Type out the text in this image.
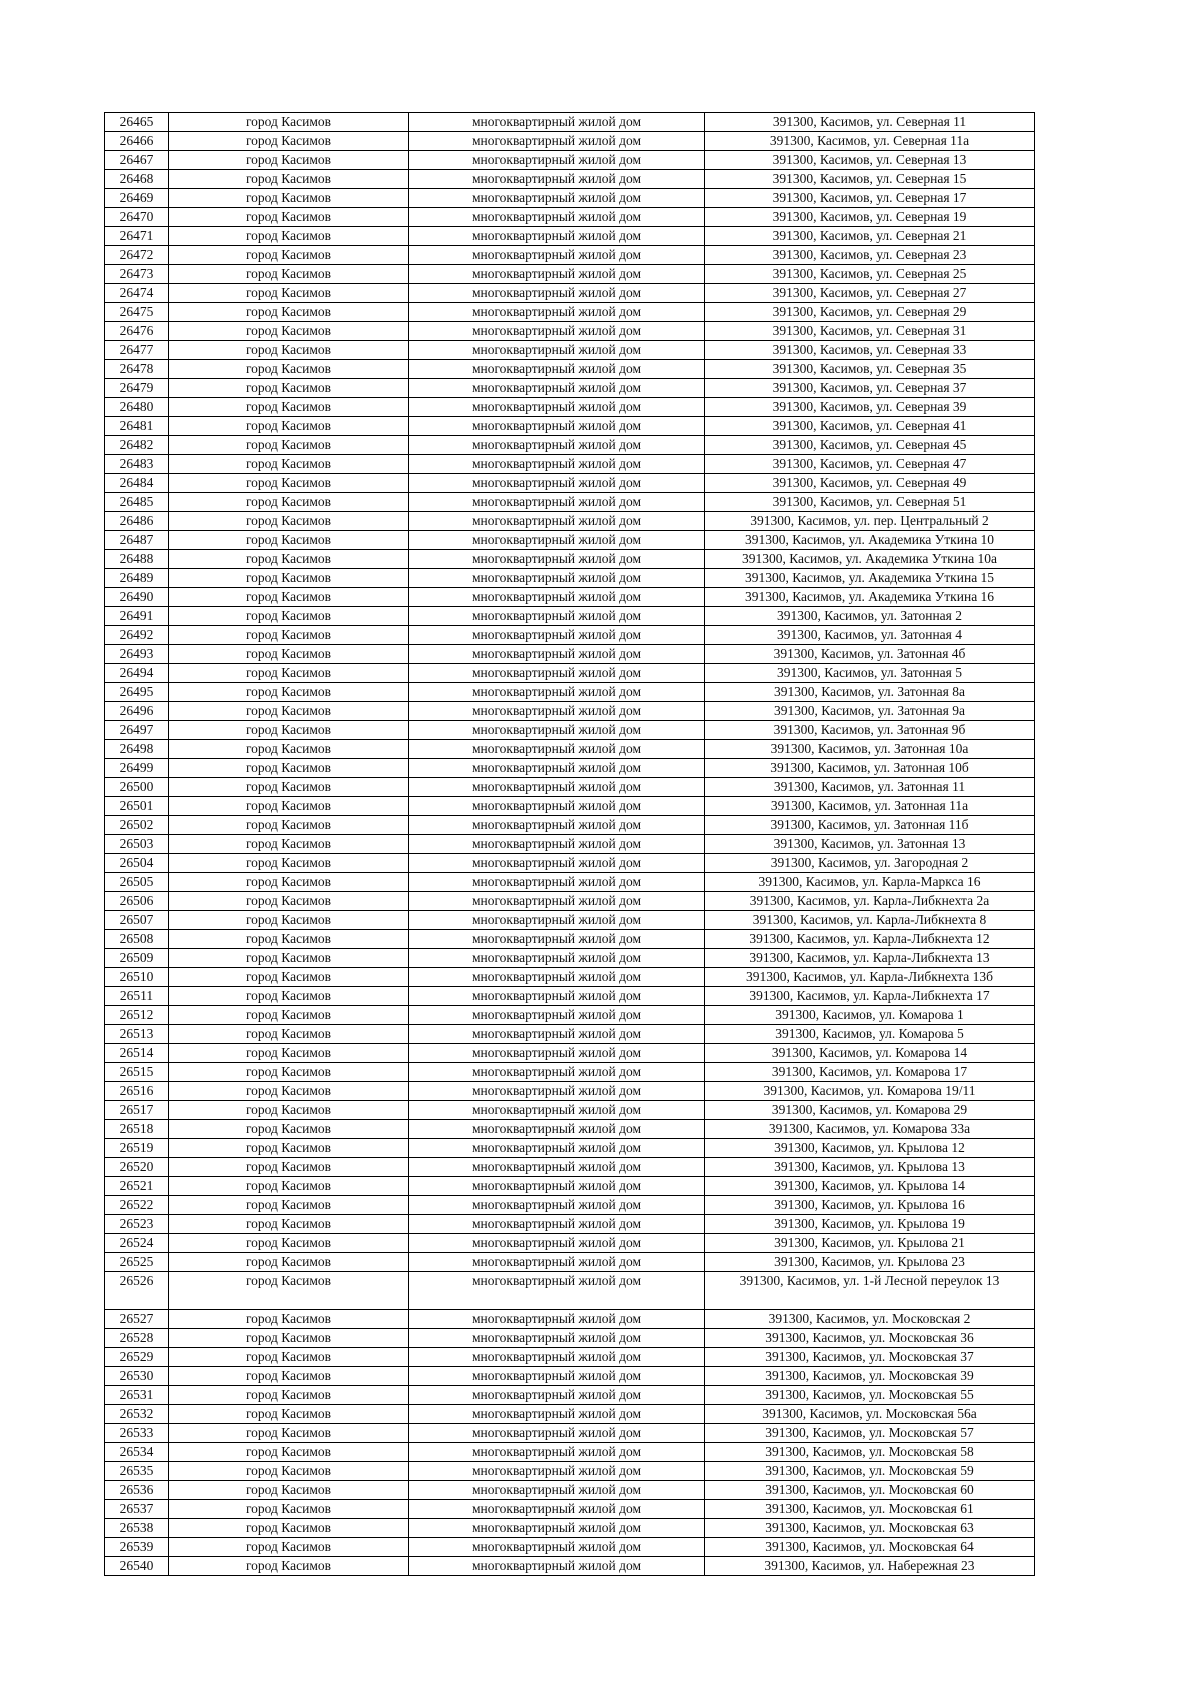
26465	город Касимов	многоквартирный жилой дом	391300, Касимов, ул. Северная 11
26466	город Касимов	многоквартирный жилой дом	391300, Касимов, ул. Северная 11а
26467	город Касимов	многоквартирный жилой дом	391300, Касимов, ул. Северная 13
26468	город Касимов	многоквартирный жилой дом	391300, Касимов, ул. Северная 15
26469	город Касимов	многоквартирный жилой дом	391300, Касимов, ул. Северная 17
26470	город Касимов	многоквартирный жилой дом	391300, Касимов, ул. Северная 19
26471	город Касимов	многоквартирный жилой дом	391300, Касимов, ул. Северная 21
26472	город Касимов	многоквартирный жилой дом	391300, Касимов, ул. Северная 23
26473	город Касимов	многоквартирный жилой дом	391300, Касимов, ул. Северная 25
26474	город Касимов	многоквартирный жилой дом	391300, Касимов, ул. Северная 27
26475	город Касимов	многоквартирный жилой дом	391300, Касимов, ул. Северная 29
26476	город Касимов	многоквартирный жилой дом	391300, Касимов, ул. Северная 31
26477	город Касимов	многоквартирный жилой дом	391300, Касимов, ул. Северная 33
26478	город Касимов	многоквартирный жилой дом	391300, Касимов, ул. Северная 35
26479	город Касимов	многоквартирный жилой дом	391300, Касимов, ул. Северная 37
26480	город Касимов	многоквартирный жилой дом	391300, Касимов, ул. Северная 39
26481	город Касимов	многоквартирный жилой дом	391300, Касимов, ул. Северная 41
26482	город Касимов	многоквартирный жилой дом	391300, Касимов, ул. Северная 45
26483	город Касимов	многоквартирный жилой дом	391300, Касимов, ул. Северная 47
26484	город Касимов	многоквартирный жилой дом	391300, Касимов, ул. Северная 49
26485	город Касимов	многоквартирный жилой дом	391300, Касимов, ул. Северная 51
26486	город Касимов	многоквартирный жилой дом	391300, Касимов, ул. пер. Центральный 2
26487	город Касимов	многоквартирный жилой дом	391300, Касимов, ул. Академика Уткина 10
26488	город Касимов	многоквартирный жилой дом	391300, Касимов, ул. Академика Уткина 10а
26489	город Касимов	многоквартирный жилой дом	391300, Касимов, ул. Академика Уткина 15
26490	город Касимов	многоквартирный жилой дом	391300, Касимов, ул. Академика Уткина 16
26491	город Касимов	многоквартирный жилой дом	391300, Касимов, ул. Затонная 2
26492	город Касимов	многоквартирный жилой дом	391300, Касимов, ул. Затонная 4
26493	город Касимов	многоквартирный жилой дом	391300, Касимов, ул. Затонная 4б
26494	город Касимов	многоквартирный жилой дом	391300, Касимов, ул. Затонная 5
26495	город Касимов	многоквартирный жилой дом	391300, Касимов, ул. Затонная 8а
26496	город Касимов	многоквартирный жилой дом	391300, Касимов, ул. Затонная 9а
26497	город Касимов	многоквартирный жилой дом	391300, Касимов, ул. Затонная 9б
26498	город Касимов	многоквартирный жилой дом	391300, Касимов, ул. Затонная 10а
26499	город Касимов	многоквартирный жилой дом	391300, Касимов, ул. Затонная 10б
26500	город Касимов	многоквартирный жилой дом	391300, Касимов, ул. Затонная 11
26501	город Касимов	многоквартирный жилой дом	391300, Касимов, ул. Затонная 11а
26502	город Касимов	многоквартирный жилой дом	391300, Касимов, ул. Затонная 11б
26503	город Касимов	многоквартирный жилой дом	391300, Касимов, ул. Затонная 13
26504	город Касимов	многоквартирный жилой дом	391300, Касимов, ул. Загородная 2
26505	город Касимов	многоквартирный жилой дом	391300, Касимов, ул. Карла-Маркса 16
26506	город Касимов	многоквартирный жилой дом	391300, Касимов, ул. Карла-Либкнехта 2а
26507	город Касимов	многоквартирный жилой дом	391300, Касимов, ул. Карла-Либкнехта 8
26508	город Касимов	многоквартирный жилой дом	391300, Касимов, ул. Карла-Либкнехта 12
26509	город Касимов	многоквартирный жилой дом	391300, Касимов, ул. Карла-Либкнехта 13
26510	город Касимов	многоквартирный жилой дом	391300, Касимов, ул. Карла-Либкнехта 13б
26511	город Касимов	многоквартирный жилой дом	391300, Касимов, ул. Карла-Либкнехта 17
26512	город Касимов	многоквартирный жилой дом	391300, Касимов, ул. Комарова 1
26513	город Касимов	многоквартирный жилой дом	391300, Касимов, ул. Комарова 5
26514	город Касимов	многоквартирный жилой дом	391300, Касимов, ул. Комарова 14
26515	город Касимов	многоквартирный жилой дом	391300, Касимов, ул. Комарова 17
26516	город Касимов	многоквартирный жилой дом	391300, Касимов, ул. Комарова 19/11
26517	город Касимов	многоквартирный жилой дом	391300, Касимов, ул. Комарова 29
26518	город Касимов	многоквартирный жилой дом	391300, Касимов, ул. Комарова 33а
26519	город Касимов	многоквартирный жилой дом	391300, Касимов, ул. Крылова 12
26520	город Касимов	многоквартирный жилой дом	391300, Касимов, ул. Крылова 13
26521	город Касимов	многоквартирный жилой дом	391300, Касимов, ул. Крылова 14
26522	город Касимов	многоквартирный жилой дом	391300, Касимов, ул. Крылова 16
26523	город Касимов	многоквартирный жилой дом	391300, Касимов, ул. Крылова 19
26524	город Касимов	многоквартирный жилой дом	391300, Касимов, ул. Крылова 21
26525	город Касимов	многоквартирный жилой дом	391300, Касимов, ул. Крылова 23
26526	город Касимов	многоквартирный жилой дом	391300, Касимов, ул. 1-й Лесной переулок 13
26527	город Касимов	многоквартирный жилой дом	391300, Касимов, ул. Московская 2
26528	город Касимов	многоквартирный жилой дом	391300, Касимов, ул. Московская 36
26529	город Касимов	многоквартирный жилой дом	391300, Касимов, ул. Московская 37
26530	город Касимов	многоквартирный жилой дом	391300, Касимов, ул. Московская 39
26531	город Касимов	многоквартирный жилой дом	391300, Касимов, ул. Московская 55
26532	город Касимов	многоквартирный жилой дом	391300, Касимов, ул. Московская 56а
26533	город Касимов	многоквартирный жилой дом	391300, Касимов, ул. Московская 57
26534	город Касимов	многоквартирный жилой дом	391300, Касимов, ул. Московская 58
26535	город Касимов	многоквартирный жилой дом	391300, Касимов, ул. Московская 59
26536	город Касимов	многоквартирный жилой дом	391300, Касимов, ул. Московская 60
26537	город Касимов	многоквартирный жилой дом	391300, Касимов, ул. Московская 61
26538	город Касимов	многоквартирный жилой дом	391300, Касимов, ул. Московская 63
26539	город Касимов	многоквартирный жилой дом	391300, Касимов, ул. Московская 64
26540	город Касимов	многоквартирный жилой дом	391300, Касимов, ул. Набережная 23
